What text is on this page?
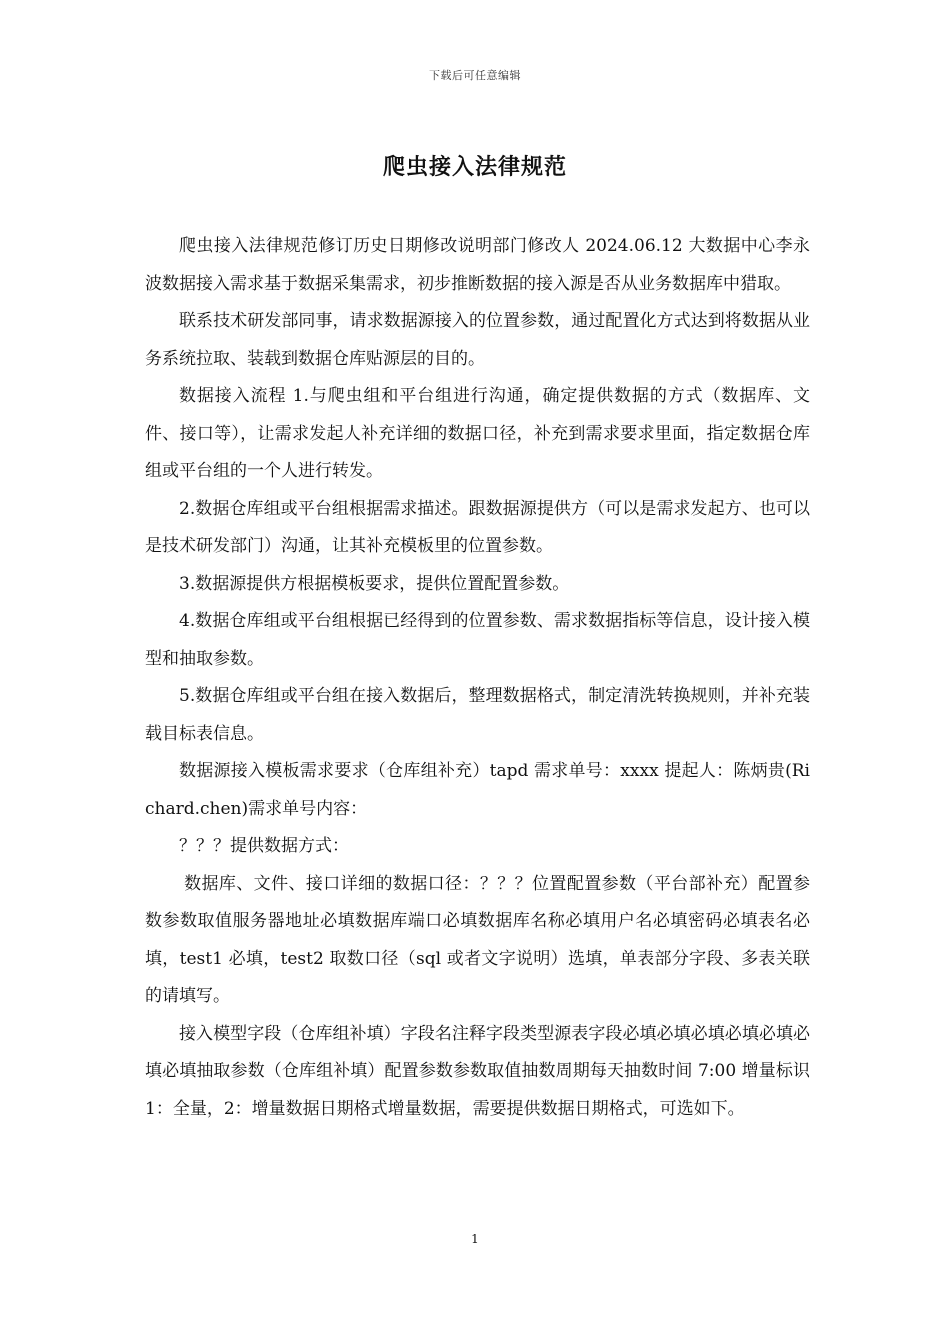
下载后可任意编辑
爬虫接入法律规范

爬虫接入法律规范修订历史日期修改说明部门修改人 2024.06.12 大数据中心李永波数据接入需求基于数据采集需求，初步推断数据的接入源是否从业务数据库中猎取。

联系技术研发部同事，请求数据源接入的位置参数，通过配置化方式达到将数据从业务系统拉取、装载到数据仓库贴源层的目的。

数据接入流程 1.与爬虫组和平台组进行沟通，确定提供数据的方式（数据库、文件、接口等），让需求发起人补充详细的数据口径，补充到需求要求里面，指定数据仓库组或平台组的一个人进行转发。

2.数据仓库组或平台组根据需求描述。跟数据源提供方（可以是需求发起方、也可以是技术研发部门）沟通，让其补充模板里的位置参数。

3.数据源提供方根据模板要求，提供位置配置参数。

4.数据仓库组或平台组根据已经得到的位置参数、需求数据指标等信息，设计接入模型和抽取参数。

5.数据仓库组或平台组在接入数据后，整理数据格式，制定清洗转换规则，并补充装载目标表信息。

数据源接入模板需求要求（仓库组补充）tapd 需求单号：xxxx 提起人：陈炳贵(Richard.chen)需求单号内容：

？？？提供数据方式：

数据库、文件、接口详细的数据口径：？？？位置配置参数（平台部补充）配置参数参数取值服务器地址必填数据库端口必填数据库名称必填用户名必填密码必填表名必填，test1 必填，test2 取数口径（sql 或者文字说明）选填，单表部分字段、多表关联的请填写。

接入模型字段（仓库组补填）字段名注释字段类型源表字段必填必填必填必填必填必填必填抽取参数（仓库组补填）配置参数参数取值抽数周期每天抽数时间 7:00 增量标识 1：全量，2：增量数据日期格式增量数据，需要提供数据日期格式，可选如下。

1
